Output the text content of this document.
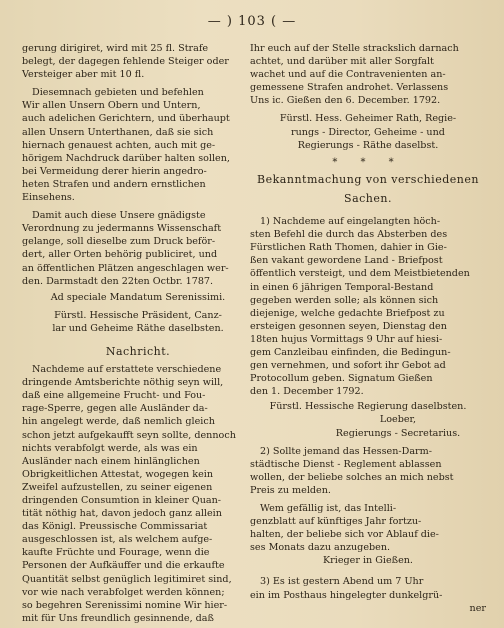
— ) 103 ( —
gerung dirigiret, wird mit 25 fl. Strafe
belegt, der dagegen fehlende Steiger oder
Versteiger aber mit 10 fl.
Diesemnach gebieten und befehlen
Wir allen Unsern Obern und Untern,
auch adelichen Gerichtern, und überhaupt
allen Unsern Unterthanen, daß sie sich
hiernach genauest achten, auch mit ge-
hörigem Nachdruck darüber halten sollen,
bei Vermeidung derer hierin angedro-
heten Strafen und andern ernstlichen
Einsehens.
Damit auch diese Unsere gnädigste
Verordnung zu jedermanns Wissenschaft
gelange, soll dieselbe zum Druck beför-
dert, aller Orten behörig publiciret, und
an öffentlichen Plätzen angeschlagen wer-
den. Darmstadt den 22ten Octbr. 1787.
Ad speciale Mandatum Serenissimi.
Fürstl. Hessische Präsident, Canz-
lar und Geheime Räthe daselbsten.
Nachricht.
Nachdeme auf erstattete verschiedene
dringende Amtsberichte nöthig seyn will,
daß eine allgemeine Frucht- und Fou-
rage-Sperre, gegen alle Ausländer da-
hin angelegt werde, daß nemlich gleich
schon jetzt aufgekaufft seyn sollte, dennoch
nichts verabfolgt werde, als was ein
Ausländer nach einem hinlänglichen
Obrigkeitlichen Attestat, wogegen kein
Zweifel aufzustellen, zu seiner eigenen
dringenden Consumtion in kleiner Quan-
tität nöthig hat, davon jedoch ganz allein
das Königl. Preussische Commissariat
ausgeschlossen ist, als welchem aufge-
kaufte Früchte und Fourage, wenn die
Personen der Aufkäuffer und die erkaufte
Quantität selbst genüglich legitimiret sind,
vor wie nach verabfolget werden können;
so begehren Serenissimi nomine Wir hier-
mit für Uns freundlich gesinnende, daß
Ihr euch auf der Stelle strackslich darnach
achtet, und darüber mit aller Sorgfalt
wachet und auf die Contravenienten an-
gemessene Strafen androhet. Verlassens
Uns ic. Gießen den 6. December. 1792.
Fürstl. Hess. Geheimer Rath, Regie-
rungs - Director, Geheime - und
Regierungs - Räthe daselbst.
* * *
Bekanntmachung von verschiedenen
Sachen.
1) Nachdeme auf eingelangten höch-
sten Befehl die durch das Absterben des
Fürstlichen Rath Thomen, dahier in Gie-
ßen vakant gewordene Land - Briefpost
öffentlich versteigt, und dem Meistbietenden
in einen 6 jährigen Temporal-Bestand
gegeben werden solle; als können sich
diejenige, welche gedachte Briefpost zu
ersteigen gesonnen seyen, Dienstag den
18ten hujus Vormittags 9 Uhr auf hiesi-
gem Canzleibau einfinden, die Bedingun-
gen vernehmen, und sofort ihr Gebot ad
Protocollum geben. Signatum Gießen
den 1. December 1792.
Fürstl. Hessische Regierung daselbsten.
Loeber,
Regierungs - Secretarius.
2) Sollte jemand das Hessen-Darm-
städtische Dienst - Reglement ablassen
wollen, der beliebe solches an mich nebst
Preis zu melden.
Wem gefällig ist, das Intelli-
genzblatt auf künftiges Jahr fortzu-
halten, der beliebe sich vor Ablauf die-
ses Monats dazu anzugeben.
Krieger in Gießen.
3) Es ist gestern Abend um 7 Uhr
ein im Posthaus hingelegter dunkelgrü-
ner
